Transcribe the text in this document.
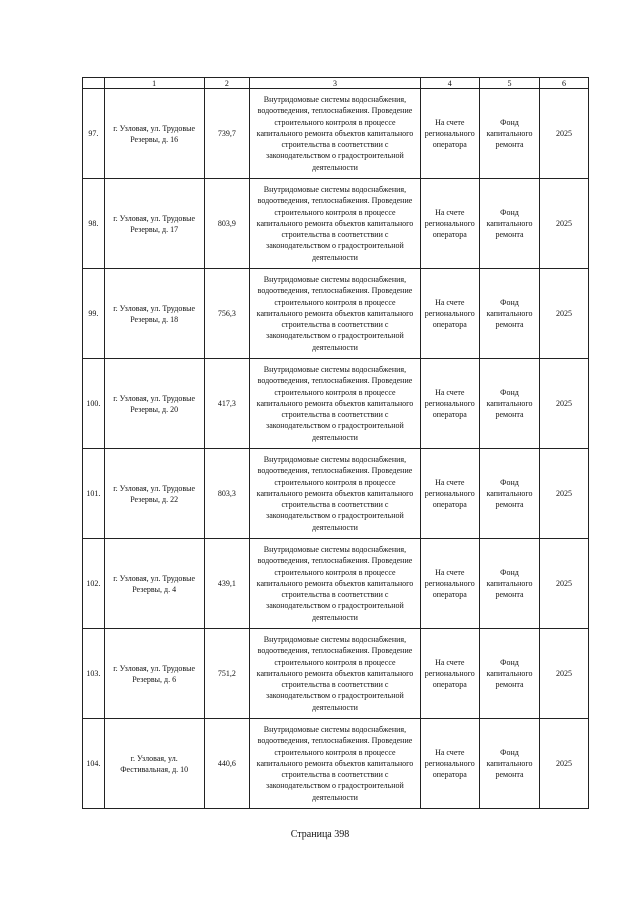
	1	2	3	4	5	6
97.	г. Узловая, ул. Трудовые Резервы, д. 16	739,7	Внутридомовые системы водоснабжения, водоотведения, теплоснабжения. Проведение строительного контроля в процессе капитального ремонта объектов капитального строительства в соответствии с законодательством о градостроительной деятельности	На счете регионального оператора	Фонд капитального ремонта	2025
98.	г. Узловая, ул. Трудовые Резервы, д. 17	803,9	Внутридомовые системы водоснабжения, водоотведения, теплоснабжения. Проведение строительного контроля в процессе капитального ремонта объектов капитального строительства в соответствии с законодательством о градостроительной деятельности	На счете регионального оператора	Фонд капитального ремонта	2025
99.	г. Узловая, ул. Трудовые Резервы, д. 18	756,3	Внутридомовые системы водоснабжения, водоотведения, теплоснабжения. Проведение строительного контроля в процессе капитального ремонта объектов капитального строительства в соответствии с законодательством о градостроительной деятельности	На счете регионального оператора	Фонд капитального ремонта	2025
100.	г. Узловая, ул. Трудовые Резервы, д. 20	417,3	Внутридомовые системы водоснабжения, водоотведения, теплоснабжения. Проведение строительного контроля в процессе капитального ремонта объектов капитального строительства в соответствии с законодательством о градостроительной деятельности	На счете регионального оператора	Фонд капитального ремонта	2025
101.	г. Узловая, ул. Трудовые Резервы, д. 22	803,3	Внутридомовые системы водоснабжения, водоотведения, теплоснабжения. Проведение строительного контроля в процессе капитального ремонта объектов капитального строительства в соответствии с законодательством о градостроительной деятельности	На счете регионального оператора	Фонд капитального ремонта	2025
102.	г. Узловая, ул. Трудовые Резервы, д. 4	439,1	Внутридомовые системы водоснабжения, водоотведения, теплоснабжения. Проведение строительного контроля в процессе капитального ремонта объектов капитального строительства в соответствии с законодательством о градостроительной деятельности	На счете регионального оператора	Фонд капитального ремонта	2025
103.	г. Узловая, ул. Трудовые Резервы, д. 6	751,2	Внутридомовые системы водоснабжения, водоотведения, теплоснабжения. Проведение строительного контроля в процессе капитального ремонта объектов капитального строительства в соответствии с законодательством о градостроительной деятельности	На счете регионального оператора	Фонд капитального ремонта	2025
104.	г. Узловая, ул. Фестивальная, д. 10	440,6	Внутридомовые системы водоснабжения, водоотведения, теплоснабжения. Проведение строительного контроля в процессе капитального ремонта объектов капитального строительства в соответствии с законодательством о градостроительной деятельности	На счете регионального оператора	Фонд капитального ремонта	2025
Страница 398
